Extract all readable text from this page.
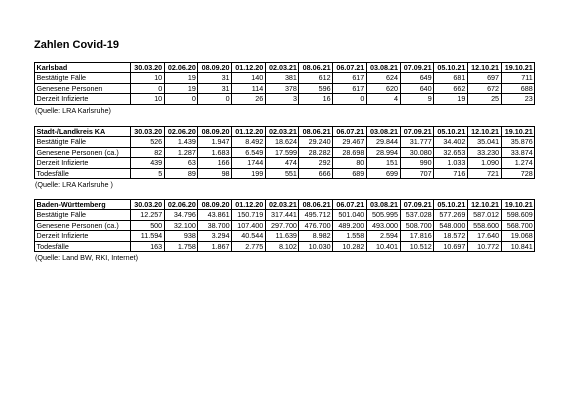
Zahlen Covid-19
Karlsbad	30.03.20	02.06.20	08.09.20	01.12.20	02.03.21	08.06.21	06.07.21	03.08.21	07.09.21	05.10.21	12.10.21	19.10.21
Bestätigte Fälle	10	19	31	140	381	612	617	624	649	681	697	711
Genesene Personen	0	19	31	114	378	596	617	620	640	662	672	688
Derzeit Infizierte	10	0	0	26	3	16	0	4	9	19	25	23
(Quelle: LRA Karlsruhe)
Stadt-/Landkreis KA	30.03.20	02.06.20	08.09.20	01.12.20	02.03.21	08.06.21	06.07.21	03.08.21	07.09.21	05.10.21	12.10.21	19.10.21
Bestätigte Fälle	526	1.439	1.947	8.492	18.624	29.240	29.467	29.844	31.777	34.402	35.041	35.876
Genesene Personen (ca.)	82	1.287	1.683	6.549	17.599	28.282	28.698	28.994	30.080	32.653	33.230	33.874
Derzeit Infizierte	439	63	166	1744	474	292	80	151	990	1.033	1.090	1.274
Todesfälle	5	89	98	199	551	666	689	699	707	716	721	728
(Quelle: LRA Karlsruhe )
Baden-Württemberg	30.03.20	02.06.20	08.09.20	01.12.20	02.03.21	08.06.21	06.07.21	03.08.21	07.09.21	05.10.21	12.10.21	19.10.21
Bestätigte Fälle	12.257	34.796	43.861	150.719	317.441	495.712	501.040	505.995	537.028	577.269	587.012	598.609
Genesene Personen (ca.)	500	32.100	38.700	107.400	297.700	476.700	489.200	493.000	508.700	548.000	558.600	568.700
Derzeit Infizierte	11.594	938	3.294	40.544	11.639	8.982	1.558	2.594	17.816	18.572	17.640	19.068
Todesfälle	163	1.758	1.867	2.775	8.102	10.030	10.282	10.401	10.512	10.697	10.772	10.841
(Quelle: Land BW, RKI, Internet)
